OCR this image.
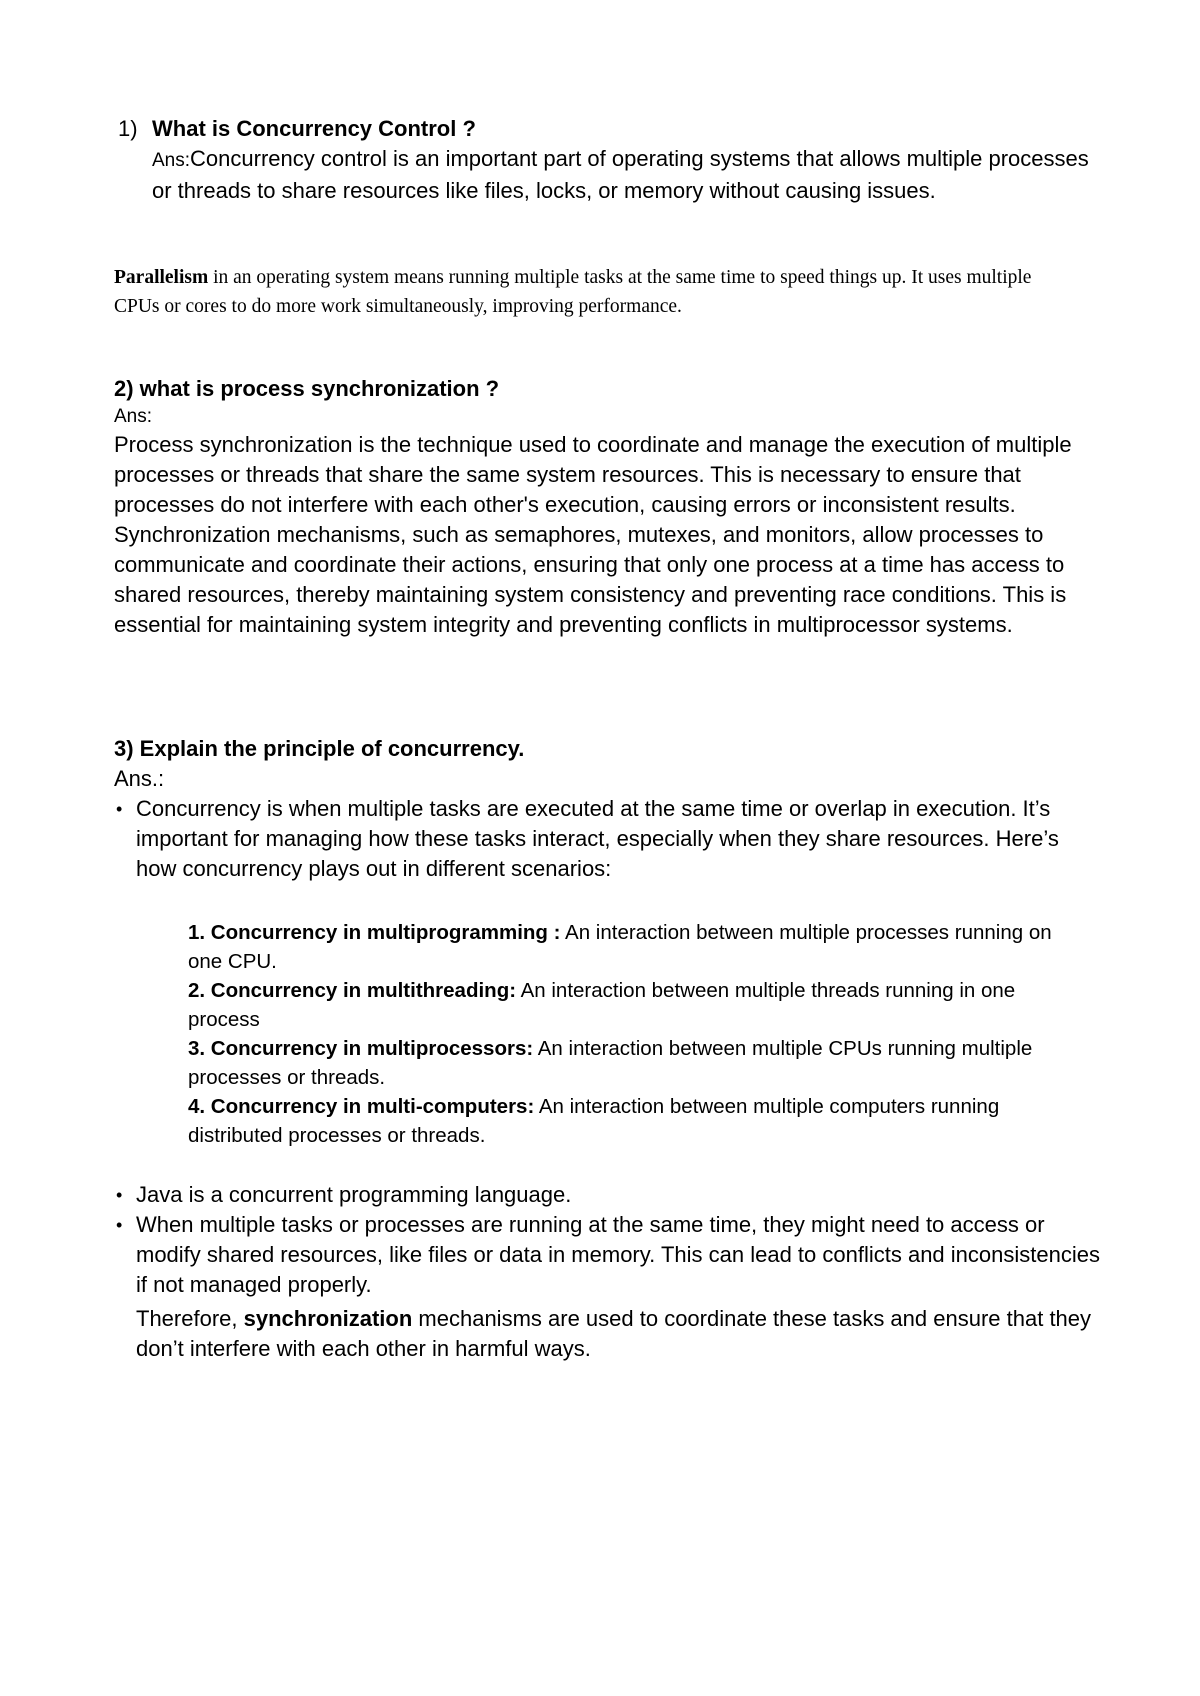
1) What is Concurrency Control ?
Ans:Concurrency control is an important part of operating systems that allows multiple processes or threads to share resources like files, locks, or memory without causing issues.
Parallelism in an operating system means running multiple tasks at the same time to speed things up. It uses multiple CPUs or cores to do more work simultaneously, improving performance.
2) what is process synchronization ?
Ans:
Process synchronization is the technique used to coordinate and manage the execution of multiple processes or threads that share the same system resources. This is necessary to ensure that processes do not interfere with each other's execution, causing errors or inconsistent results.
Synchronization mechanisms, such as semaphores, mutexes, and monitors, allow processes to communicate and coordinate their actions, ensuring that only one process at a time has access to shared resources, thereby maintaining system consistency and preventing race conditions. This is essential for maintaining system integrity and preventing conflicts in multiprocessor systems.
3) Explain the principle of concurrency.
Ans.:
• Concurrency is when multiple tasks are executed at the same time or overlap in execution. It’s important for managing how these tasks interact, especially when they share resources. Here’s how concurrency plays out in different scenarios:
1. Concurrency in multiprogramming : An interaction between multiple processes running on one CPU.
2. Concurrency in multithreading: An interaction between multiple threads running in one process
3. Concurrency in multiprocessors: An interaction between multiple CPUs running multiple processes or threads.
4. Concurrency in multi-computers: An interaction between multiple computers running distributed processes or threads.
• Java is a concurrent programming language.
• When multiple tasks or processes are running at the same time, they might need to access or modify shared resources, like files or data in memory. This can lead to conflicts and inconsistencies if not managed properly.
Therefore, synchronization mechanisms are used to coordinate these tasks and ensure that they don’t interfere with each other in harmful ways.
